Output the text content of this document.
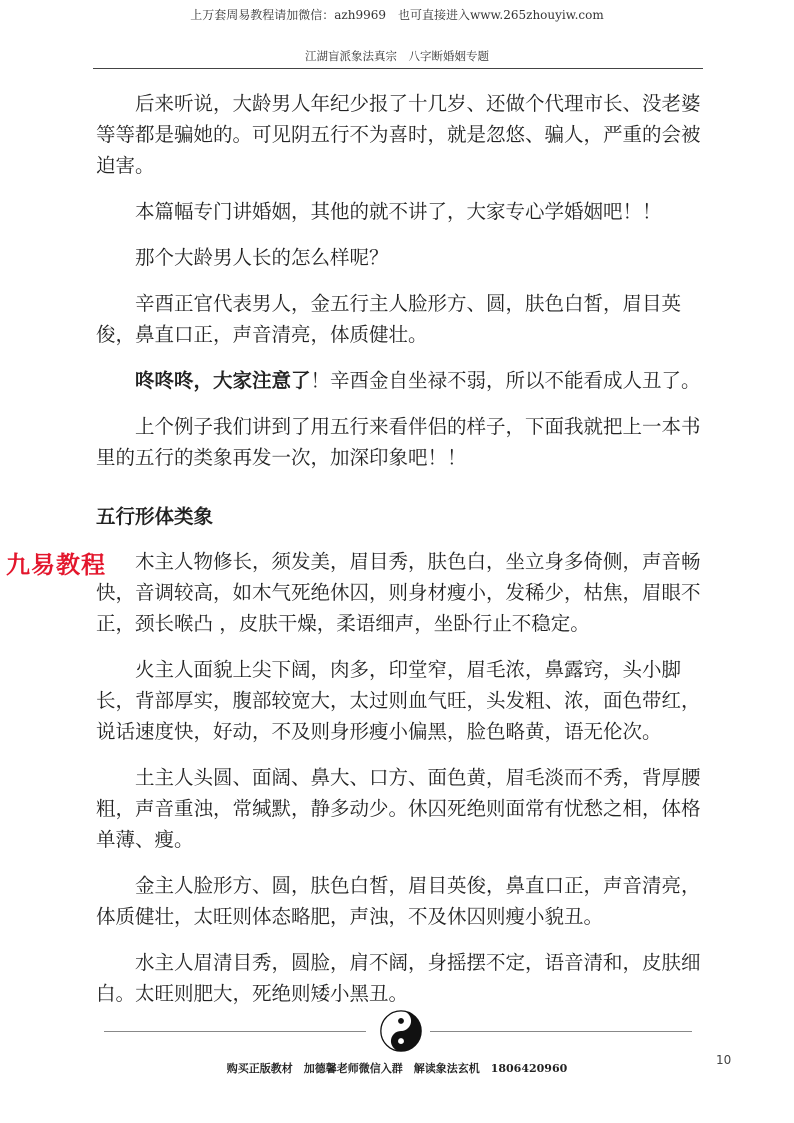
上万套周易教程请加微信：azh9969　也可直接进入www.265zhouyiw.com
江湖盲派象法真宗　八字断婚姻专题

后来听说，大龄男人年纪少报了十几岁、还做个代理市长、没老婆等等都是骗她的。可见阴五行不为喜时，就是忽悠、骗人，严重的会被迫害。

本篇幅专门讲婚姻，其他的就不讲了，大家专心学婚姻吧！！

那个大龄男人长的怎么样呢？

辛酉正官代表男人，金五行主人脸形方、圆，肤色白皙，眉目英俊，鼻直口正，声音清亮，体质健壮。

咚咚咚，大家注意了！辛酉金自坐禄不弱，所以不能看成人丑了。

上个例子我们讲到了用五行来看伴侣的样子，下面我就把上一本书里的五行的类象再发一次，加深印象吧！！

五行形体类象

木主人物修长，须发美，眉目秀，肤色白，坐立身多倚侧，声音畅快，音调较高，如木气死绝休囚，则身材瘦小，发稀少，枯焦，眉眼不正，颈长喉凸 ，皮肤干燥，柔语细声，坐卧行止不稳定。

火主人面貌上尖下阔，肉多，印堂窄，眉毛浓，鼻露窍，头小脚长，背部厚实，腹部较宽大，太过则血气旺，头发粗、浓，面色带红，说话速度快，好动，不及则身形瘦小偏黑，脸色略黄，语无伦次。

土主人头圆、面阔、鼻大、口方、面色黄，眉毛淡而不秀，背厚腰粗，声音重浊，常缄默，静多动少。休囚死绝则面常有忧愁之相，体格单薄、瘦。

金主人脸形方、圆，肤色白皙，眉目英俊，鼻直口正，声音清亮，体质健壮，太旺则体态略肥，声浊，不及休囚则瘦小貌丑。

水主人眉清目秀，圆脸，肩不阔，身摇摆不定，语音清和，皮肤细白。太旺则肥大，死绝则矮小黑丑。

九易教程
购买正版教材　加德馨老师微信入群　解读象法玄机　1806420960
10
